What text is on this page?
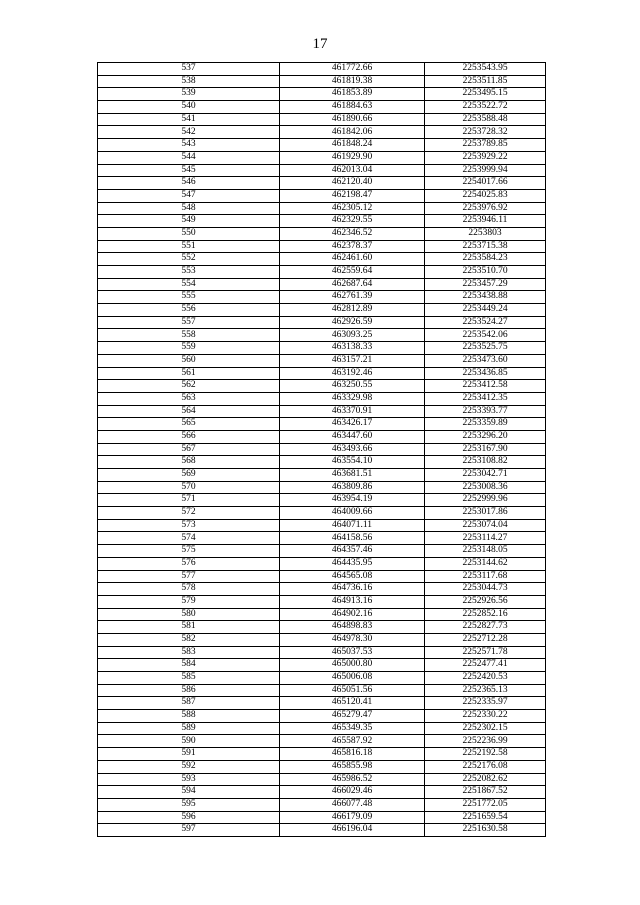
17
537	461772.66	2253543.95
538	461819.38	2253511.85
539	461853.89	2253495.15
540	461884.63	2253522.72
541	461890.66	2253588.48
542	461842.06	2253728.32
543	461848.24	2253789.85
544	461929.90	2253929.22
545	462013.04	2253999.94
546	462120.40	2254017.66
547	462198.47	2254025.83
548	462305.12	2253976.92
549	462329.55	2253946.11
550	462346.52	2253803
551	462378.37	2253715.38
552	462461.60	2253584.23
553	462559.64	2253510.70
554	462687.64	2253457.29
555	462761.39	2253438.88
556	462812.89	2253449.24
557	462926.59	2253524.27
558	463093.25	2253542.06
559	463138.33	2253525.75
560	463157.21	2253473.60
561	463192.46	2253436.85
562	463250.55	2253412.58
563	463329.98	2253412.35
564	463370.91	2253393.77
565	463426.17	2253359.89
566	463447.60	2253296.20
567	463493.66	2253167.90
568	463554.10	2253108.82
569	463681.51	2253042.71
570	463809.86	2253008.36
571	463954.19	2252999.96
572	464009.66	2253017.86
573	464071.11	2253074.04
574	464158.56	2253114.27
575	464357.46	2253148.05
576	464435.95	2253144.62
577	464565.08	2253117.68
578	464736.16	2253044.73
579	464913.16	2252926.56
580	464902.16	2252852.16
581	464898.83	2252827.73
582	464978.30	2252712.28
583	465037.53	2252571.78
584	465000.80	2252477.41
585	465006.08	2252420.53
586	465051.56	2252365.13
587	465120.41	2252335.97
588	465279.47	2252330.22
589	465349.35	2252302.15
590	465587.92	2252236.99
591	465816.18	2252192.58
592	465855.98	2252176.08
593	465986.52	2252082.62
594	466029.46	2251867.52
595	466077.48	2251772.05
596	466179.09	2251659.54
597	466196.04	2251630.58
